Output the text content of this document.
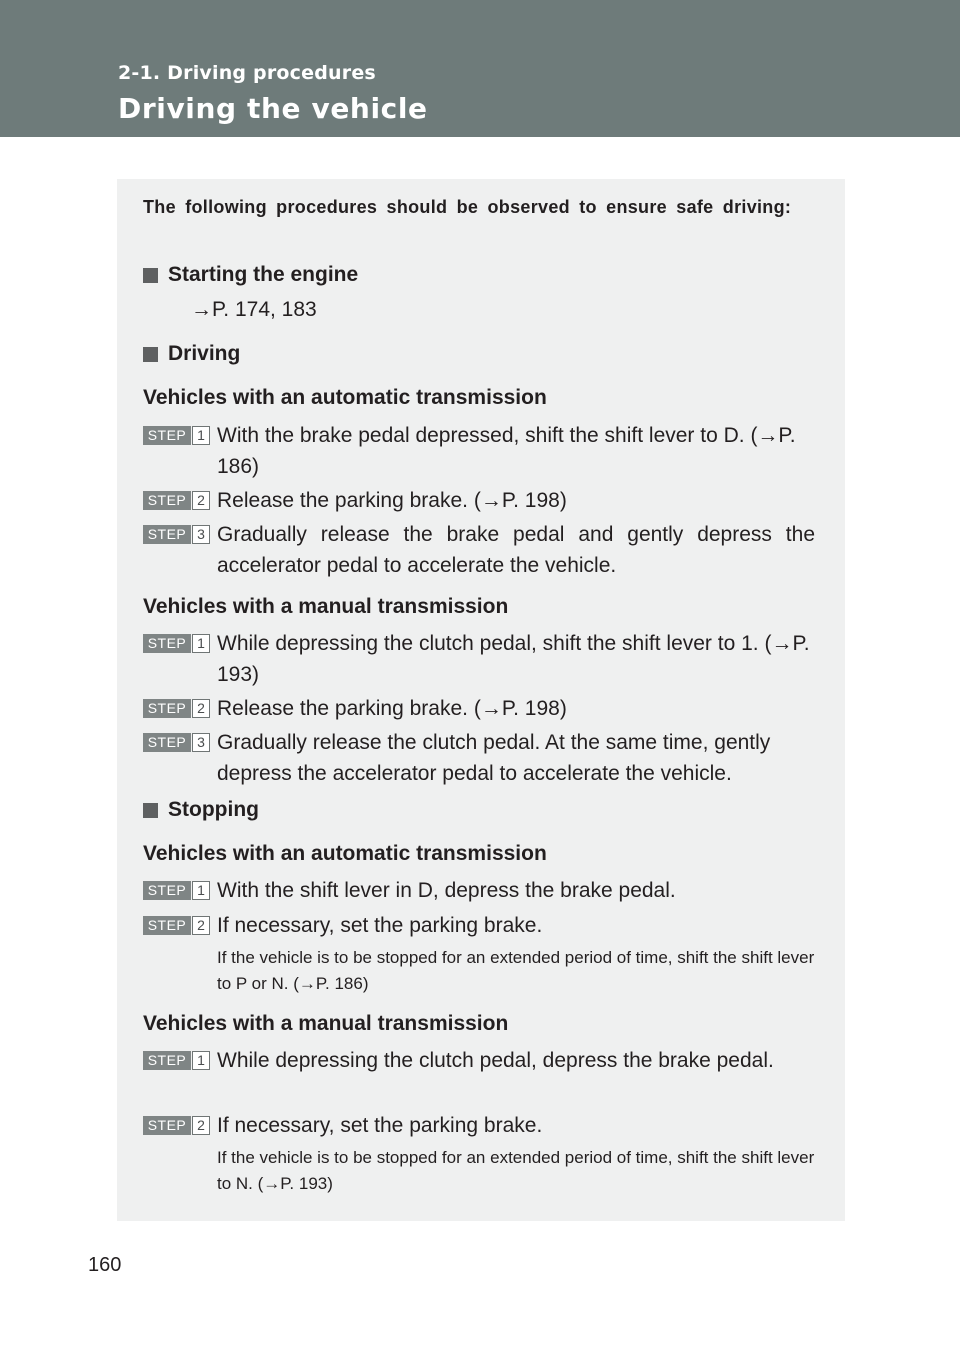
2-1. Driving procedures
Driving the vehicle
The following procedures should be observed to ensure safe driving:
Starting the engine
→P. 174, 183
Driving
Vehicles with an automatic transmission
STEP 1 With the brake pedal depressed, shift the shift lever to D. (→P. 186)
STEP 2 Release the parking brake. (→P. 198)
STEP 3 Gradually release the brake pedal and gently depress the accelerator pedal to accelerate the vehicle.
Vehicles with a manual transmission
STEP 1 While depressing the clutch pedal, shift the shift lever to 1. (→P. 193)
STEP 2 Release the parking brake. (→P. 198)
STEP 3 Gradually release the clutch pedal. At the same time, gently depress the accelerator pedal to accelerate the vehicle.
Stopping
Vehicles with an automatic transmission
STEP 1 With the shift lever in D, depress the brake pedal.
STEP 2 If necessary, set the parking brake.
If the vehicle is to be stopped for an extended period of time, shift the shift lever to P or N. (→P. 186)
Vehicles with a manual transmission
STEP 1 While depressing the clutch pedal, depress the brake pedal.
STEP 2 If necessary, set the parking brake.
If the vehicle is to be stopped for an extended period of time, shift the shift lever to N. (→P. 193)
160
